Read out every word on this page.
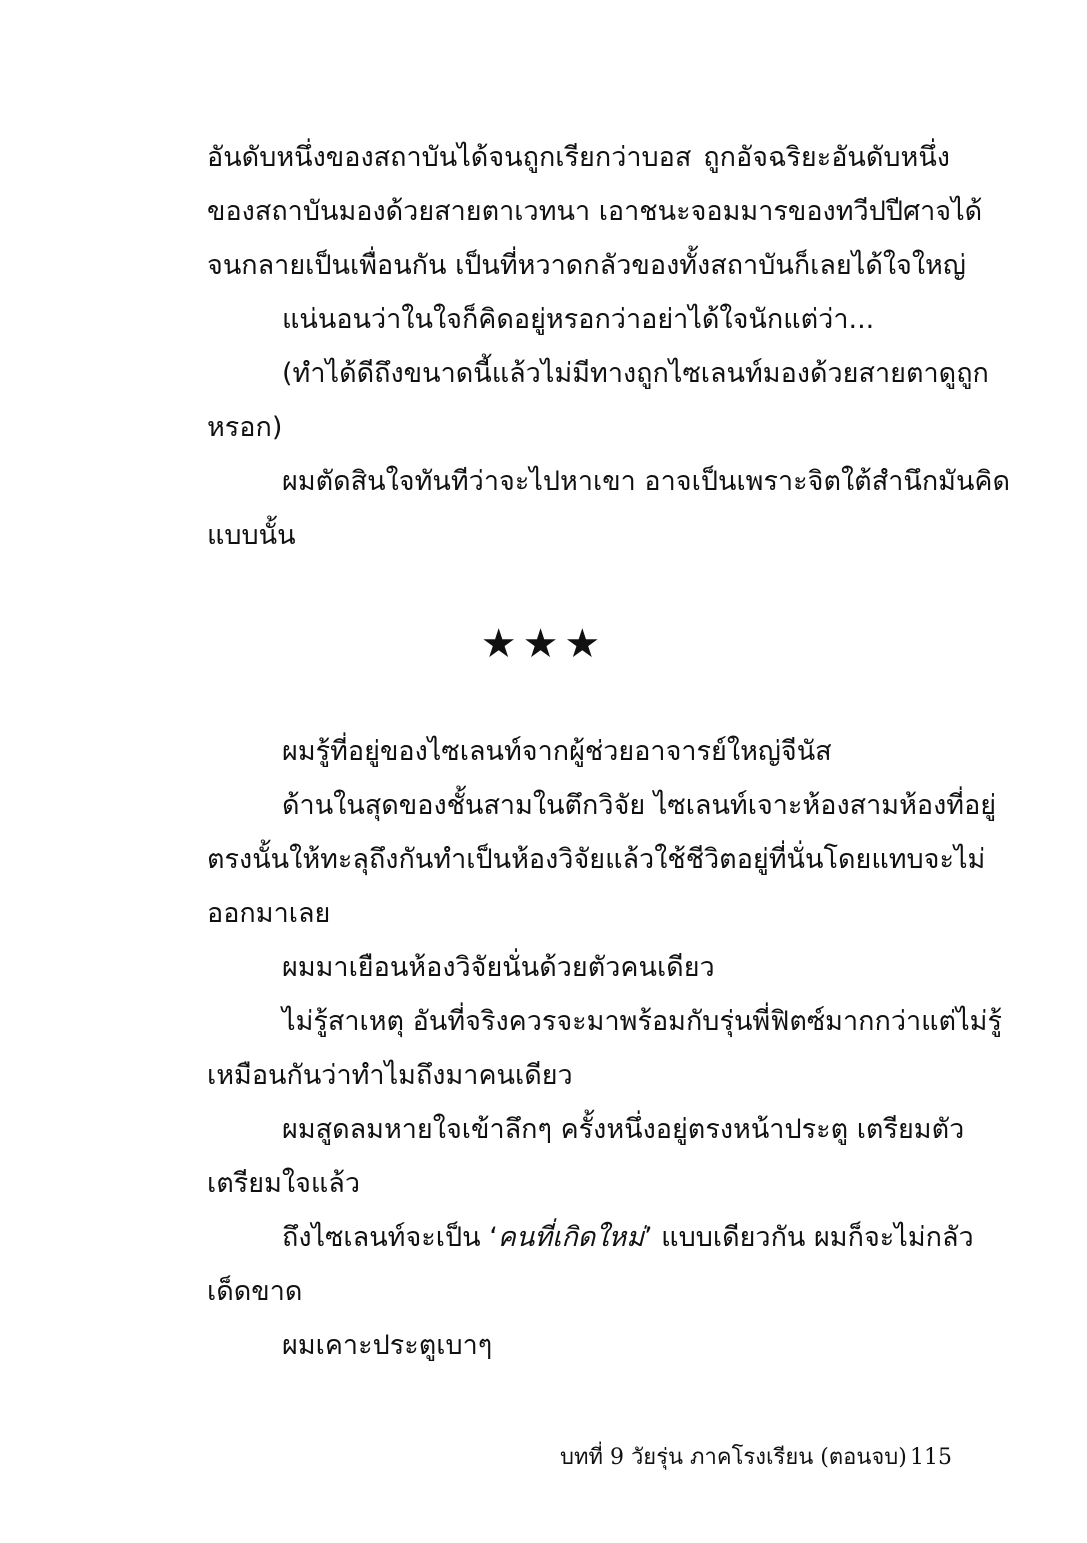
อันดับหนึ่งของสถาบันได้จนถูกเรียกว่าบอส ถูกอัจฉริยะอันดับหนึ่ง
ของสถาบันมองด้วยสายตาเวทนา เอาชนะจอมมารของทวีปปีศาจได้
จนกลายเป็นเพื่อนกัน เป็นที่หวาดกลัวของทั้งสถาบันก็เลยได้ใจใหญ่
แน่นอนว่าในใจก็คิดอยู่หรอกว่าอย่าได้ใจนักแต่ว่า...
(ทำได้ดีถึงขนาดนี้แล้วไม่มีทางถูกไซเลนท์มองด้วยสายตาดูถูก
หรอก)
ผมตัดสินใจทันทีว่าจะไปหาเขา อาจเป็นเพราะจิตใต้สำนึกมันคิด
แบบนั้น
★★★
ผมรู้ที่อยู่ของไซเลนท์จากผู้ช่วยอาจารย์ใหญ่จีนัส
ด้านในสุดของชั้นสามในตึกวิจัย ไซเลนท์เจาะห้องสามห้องที่อยู่
ตรงนั้นให้ทะลุถึงกันทำเป็นห้องวิจัยแล้วใช้ชีวิตอยู่ที่นั่นโดยแทบจะไม่
ออกมาเลย
ผมมาเยือนห้องวิจัยนั่นด้วยตัวคนเดียว
ไม่รู้สาเหตุ อันที่จริงควรจะมาพร้อมกับรุ่นพี่ฟิตซ์มากกว่าแต่ไม่รู้
เหมือนกันว่าทำไมถึงมาคนเดียว
ผมสูดลมหายใจเข้าลึกๆ ครั้งหนึ่งอยู่ตรงหน้าประตู เตรียมตัว
เตรียมใจแล้ว
ถึงไซเลนท์จะเป็น ‘คนที่เกิดใหม่’ แบบเดียวกัน ผมก็จะไม่กลัว
เด็ดขาด
ผมเคาะประตูเบาๆ
บทที่ 9 วัยรุ่น ภาคโรงเรียน (ตอนจบ) 115
